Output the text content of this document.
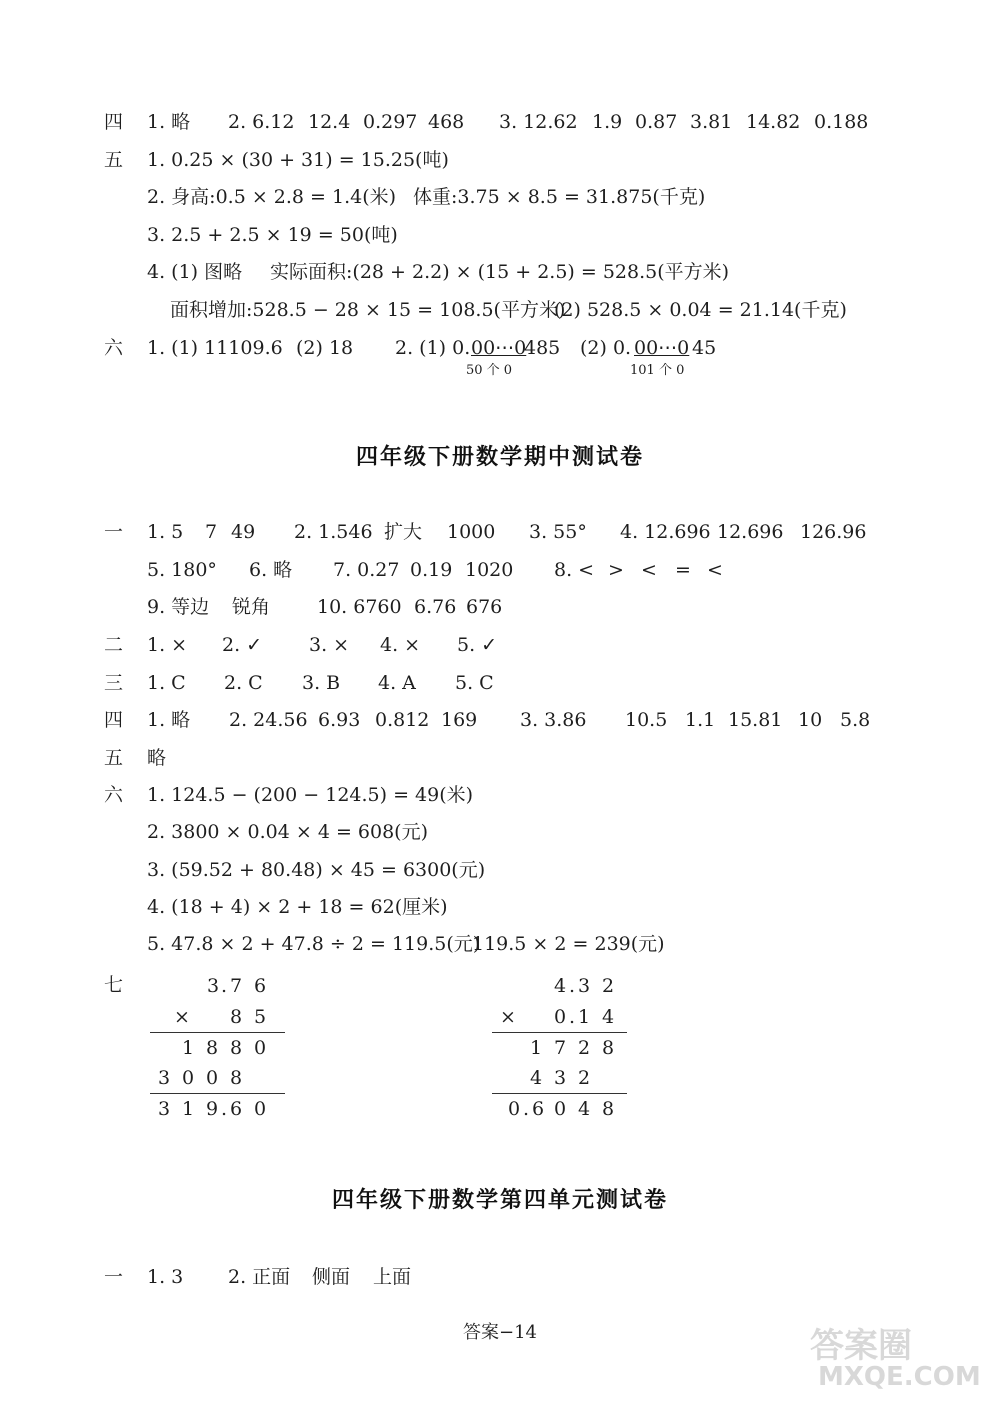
四 1. 略 2. 6.12 12.4 0.297 468 3. 12.62 1.9 0.87 3.81 14.82 0.188
五 1. 0.25 × (30 + 31) = 15.25(吨)
2. 身高:0.5 × 2.8 = 1.4(米) 体重:3.75 × 8.5 = 31.875(千克)
3. 2.5 + 2.5 × 19 = 50(吨)
4. (1) 图略 实际面积:(28 + 2.2) × (15 + 2.5) = 528.5(平方米)
面积增加:528.5 − 28 × 15 = 108.5(平方米)
(2) 528.5 × 0.04 = 21.14(千克)
六 1. (1) 11109.6 (2) 18 2. (1) 0. 00⋯0
485 (2) 0. 00⋯0 45
50 个 0	101 个 0
四年级下册数学期中测试卷
一 1. 5 7 49 2. 1.546 扩大 1000 3. 55° 4. 12.696 12.696 126.96
5. 180° 6. 略 7. 0.27 0.19 1020 8. < > < = <
9. 等边 锐角 10. 6760 6.76 676
二 1. × 2. ✓ 3. × 4. × 5. ✓
三 1. C 2. C 3. B 4. A 5. C
四 1. 略 2. 24.56 6.93 0.812 169 3. 3.86 10.5 1.1 15.81 10 5.8
五 略
六 1. 124.5 − (200 − 124.5) = 49(米)
2. 3800 × 0.04 × 4 = 608(元)
3. (59.52 + 80.48) × 45 = 6300(元)
4. (18 + 4) × 2 + 18 = 62(厘米)
5. 47.8 × 2 + 47.8 ÷ 2 = 119.5(元)
119.5 × 2 = 239(元)
七	3 . 7 6
× 8 5
1 8 8 0
3 0 0 8
3 1 9 . 6 0
4 . 3 2
× 0 . 1 4
1 7 2 8
4 3 2
0 . 6 0 4 8
四年级下册数学第四单元测试卷
一 1. 3 2. 正面 侧面 上面
答案−14	答案圈
MXQE.COM
